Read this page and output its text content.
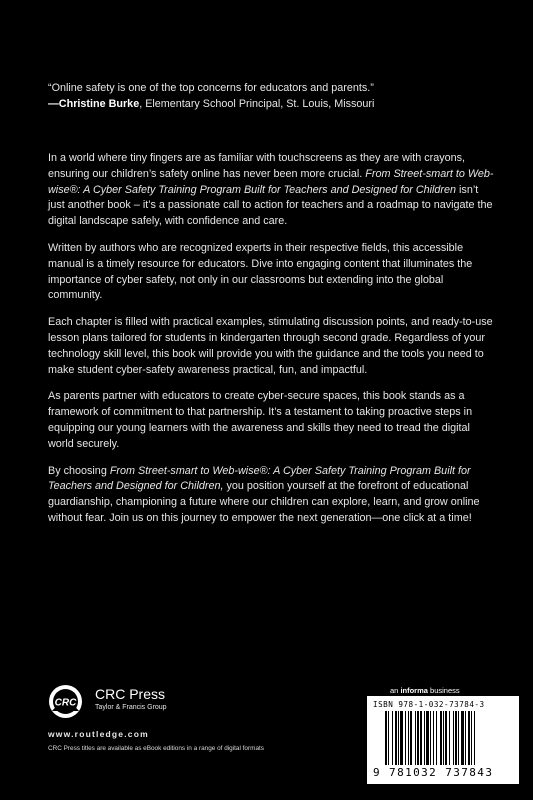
“Online safety is one of the top concerns for educators and parents.”
—Christine Burke, Elementary School Principal, St. Louis, Missouri

In a world where tiny fingers are as familiar with touchscreens as they are with crayons, ensuring our children’s safety online has never been more crucial. From Street-smart to Web-wise®: A Cyber Safety Training Program Built for Teachers and Designed for Children isn’t just another book – it’s a passionate call to action for teachers and a roadmap to navigate the digital landscape safely, with confidence and care.

Written by authors who are recognized experts in their respective fields, this accessible manual is a timely resource for educators. Dive into engaging content that illuminates the importance of cyber safety, not only in our classrooms but extending into the global community.

Each chapter is filled with practical examples, stimulating discussion points, and ready-to-use lesson plans tailored for students in kindergarten through second grade. Regardless of your technology skill level, this book will provide you with the guidance and the tools you need to make student cyber-safety awareness practical, fun, and impactful.

As parents partner with educators to create cyber-secure spaces, this book stands as a framework of commitment to that partnership. It’s a testament to taking proactive steps in equipping our young learners with the awareness and skills they need to tread the digital world securely.

By choosing From Street-smart to Web-wise®: A Cyber Safety Training Program Built for Teachers and Designed for Children, you position yourself at the forefront of educational guardianship, championing a future where our children can explore, learn, and grow online without fear. Join us on this journey to empower the next generation—one click at a time!

CRC
CRC Press
Taylor & Francis Group
www.routledge.com
CRC Press titles are available as eBook editions in a range of digital formats
an informa business
ISBN 978-1-032-73784-3
9 781032 737843
